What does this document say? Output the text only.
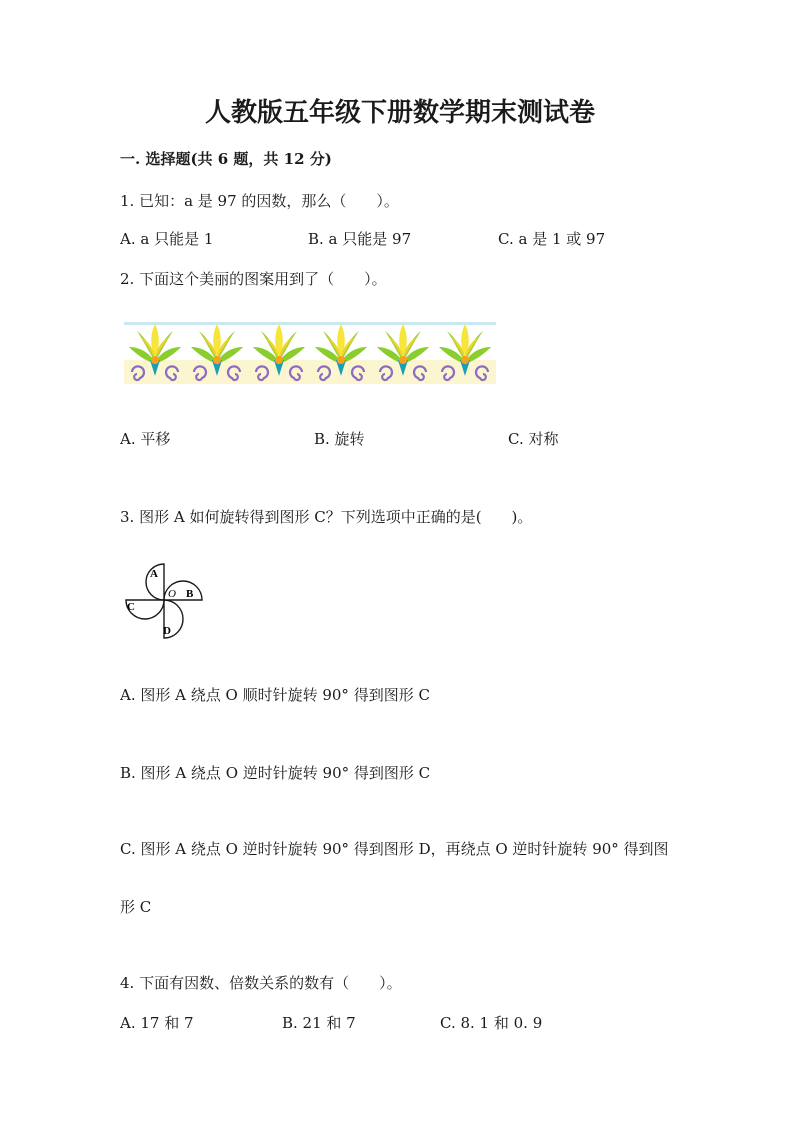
人教版五年级下册数学期末测试卷
一. 选择题(共 6 题，共 12 分)
1. 已知：a 是 97 的因数，那么（　　）。
A. a 只能是 1	B. a 只能是 97	C. a 是 1 或 97
2. 下面这个美丽的图案用到了（　　）。
A. 平移	B. 旋转	C. 对称
3. 图形 A 如何旋转得到图形 C？下列选项中正确的是(　　)。
A
B
C
D
O
A. 图形 A 绕点 O 顺时针旋转 90° 得到图形 C
B. 图形 A 绕点 O 逆时针旋转 90° 得到图形 C
C. 图形 A 绕点 O 逆时针旋转 90° 得到图形 D，再绕点 O 逆时针旋转 90° 得到图
形 C
4. 下面有因数、倍数关系的数有（　　）。
A. 17 和 7	B. 21 和 7	C. 8. 1 和 0. 9
